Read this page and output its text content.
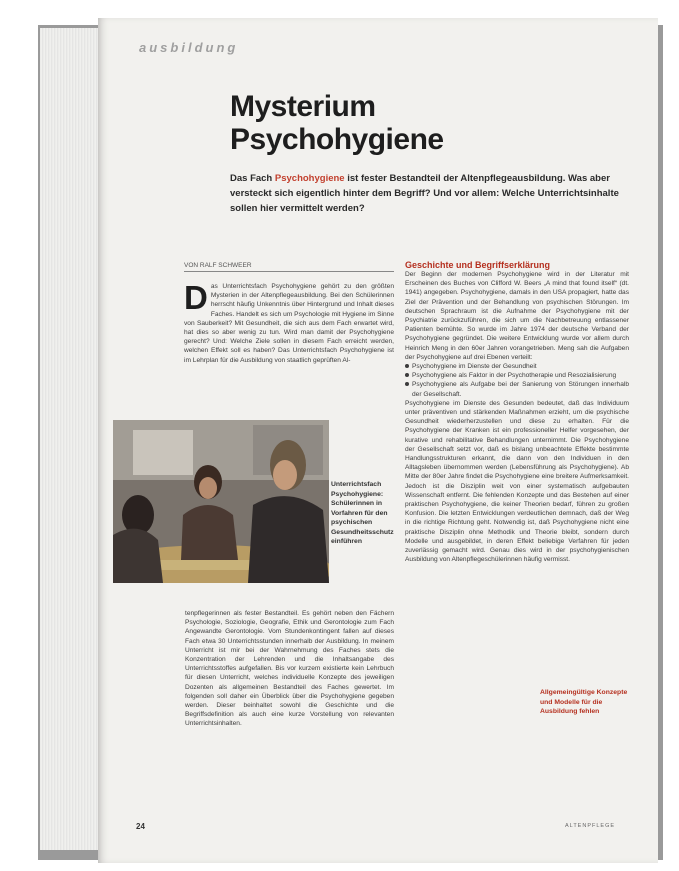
ausbildung
Mysterium
Psychohygiene
Das Fach Psychohygiene ist fester Bestandteil der Altenpflegeausbildung. Was aber versteckt sich eigentlich hinter dem Begriff? Und vor allem: Welche Unterrichtsinhalte sollen hier vermittelt werden?
VON RALF SCHWEER
Das Unterrichtsfach Psychohygiene gehört zu den größten Mysterien in der Altenpflegeausbildung. Bei den Schülerinnen herrscht häufig Unkenntnis über Hintergrund und Inhalt dieses Faches. Handelt es sich um Psychologie mit Hygiene im Sinne von Sauberkeit? Mit Gesundheit, die sich aus dem Fach erwartet wird, hat dies so aber wenig zu tun. Wird man damit der Psychohygiene gerecht? Und: Welche Ziele sollen in diesem Fach erreicht werden, welchen Effekt soll es haben? Das Unterrichtsfach Psychohygiene ist im Lehrplan für die Ausbildung von staatlich geprüften Al-
Unterrichtsfach Psychohygiene: Schülerinnen in Vorfahren für den psychischen Gesundheitsschutz einführen
tenpflegerinnen als fester Bestandteil. Es gehört neben den Fächern Psychologie, Soziologie, Geografie, Ethik und Gerontologie zum Fach Angewandte Gerontologie. Vom Stundenkontingent fallen auf dieses Fach etwa 30 Unterrichtsstunden innerhalb der Ausbildung. In meinem Unterricht ist mir bei der Wahrnehmung des Faches stets die Konzentration der Lehrenden und die Inhaltsangabe des Unterrichtsstoffes aufgefallen. Bis vor kurzem existierte kein Lehrbuch für diesen Unterricht, welches individuelle Konzepte des jeweiligen Dozenten als allgemeinen Bestandteil des Faches gewertet. Im folgenden soll daher ein Überblick über die Psychohygiene gegeben werden. Dieser beinhaltet sowohl die Geschichte und die Begriffsdefinition als auch eine kurze Vorstellung von relevanten Unterrichtsinhalten.
Geschichte und Begriffserklärung
Der Beginn der modernen Psychohygiene wird in der Literatur mit Erscheinen des Buches von Clifford W. Beers „A mind that found itself“ (dt. 1941) angegeben. Psychohygiene, damals in den USA propagiert, hatte das Ziel der Prävention und der Behandlung von psychischen Störungen. Im deutschen Sprachraum ist die Aufnahme der Psychohygiene mit der Psychiatrie zurückzuführen, die sich um die Nachbetreuung entlassener Patienten bemühte. So wurde im Jahre 1974 der deutsche Verband der Psychohygiene gegründet. Die weitere Entwicklung wurde vor allem durch Heinrich Meng in den 60er Jahren vorangetrieben. Meng sah die Aufgaben der Psychohygiene auf drei Ebenen verteilt:
Psychohygiene im Dienste der Gesundheit
Psychohygiene als Faktor in der Psychotherapie und Resozialisierung
Psychohygiene als Aufgabe bei der Sanierung von Störungen innerhalb der Gesellschaft.
Psychohygiene im Dienste des Gesunden bedeutet, daß das Individuum unter präventiven und stärkenden Maßnahmen erzieht, um die psychische Gesundheit wiederherzustellen und diese zu erhalten. Für die Psychohygiene der Kranken ist ein professioneller Helfer vorgesehen, der kurative und rehabilitative Behandlungen unternimmt. Die Psychohygiene der Gesellschaft setzt vor, daß es bislang unbeachtete Effekte bestimmte Handlungsstrukturen erkannt, die dann von den Individuen in den Alltagsleben übernommen werden (Lebensführung als Psychohygiene). Ab Mitte der 80er Jahre findet die Psychohygiene eine breitere Aufmerksamkeit. Jedoch ist die Disziplin weit von einer systematisch aufgebauten Wissenschaft entfernt. Die fehlenden Konzepte und das Bestehen auf einer praktischen Psychohygiene, die keiner Theorien bedarf, führen zu großen Konfusion. Die letzten Entwicklungen verdeutlichen demnach, daß der Weg in die richtige Richtung geht. Notwendig ist, daß Psychohygiene nicht eine praktische Disziplin ohne Methodik und Theorie bleibt, sondern durch Modelle und ausgebildet, in deren Effekt beliebige Verfahren für jeden zuverlässig gemacht wird. Genau dies wird in der psychohygienischen Ausbildung von Altenpflegeschülerinnen häufig vermisst.
Allgemeingültige Konzepte und Modelle für die Ausbildung fehlen
24	ALTENPFLEGE
